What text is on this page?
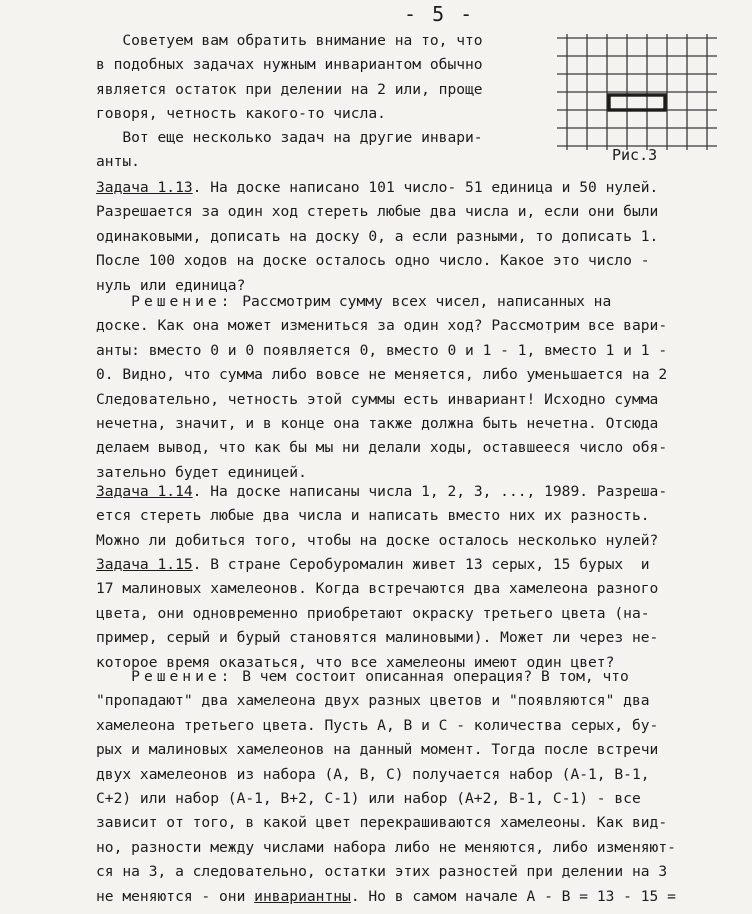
- 5 -
Советуем вам обратить внимание на то, что
в подобных задачах нужным инвариантом обычно
является остаток при делении на 2 или, проще
говоря, четность какого-то числа.
Вот еще несколько задач на другие инвари-
анты.	Рис.3
Задача 1.13. На доске написано 101 число- 51 единица и 50 нулей.
Разрешается за один ход стереть любые два числа и, если они были
одинаковыми, дописать на доску 0, а если разными, то дописать 1.
После 100 ходов на доске осталось одно число. Какое это число -
нуль или единица?
Решение: Рассмотрим сумму всех чисел, написанных на
доске. Как она может измениться за один ход? Рассмотрим все вари-
анты: вместо 0 и 0 появляется 0, вместо 0 и 1 - 1, вместо 1 и 1 -
0. Видно, что сумма либо вовсе не меняется, либо уменьшается на 2
Следовательно, четность этой суммы есть инвариант! Исходно сумма
нечетна, значит, и в конце она также должна быть нечетна. Отсюда
делаем вывод, что как бы мы ни делали ходы, оставшееся число обя-
зательно будет единицей.
Задача 1.14. На доске написаны числа 1, 2, 3, ..., 1989. Разреша-
ется стереть любые два числа и написать вместо них их разность.
Можно ли добиться того, чтобы на доске осталось несколько нулей?
Задача 1.15. В стране Серобуромалин живет 13 серых, 15 бурых  и
17 малиновых хамелеонов. Когда встречаются два хамелеона разного
цвета, они одновременно приобретают окраску третьего цвета (на-
пример, серый и бурый становятся малиновыми). Может ли через не-
которое время оказаться, что все хамелеоны имеют один цвет?
Решение: В чем состоит описанная операция? В том, что
"пропадают" два хамелеона двух разных цветов и "появляются" два
хамелеона третьего цвета. Пусть А, В и С - количества серых, бу-
рых и малиновых хамелеонов на данный момент. Тогда после встречи
двух хамелеонов из набора (А, В, С) получается набор (А-1, В-1,
С+2) или набор (А-1, В+2, С-1) или набор (А+2, В-1, С-1) - все
зависит от того, в какой цвет перекрашиваются хамелеоны. Как вид-
но, разности между числами набора либо не меняются, либо изменяют-
ся на 3, а следовательно, остатки этих разностей при делении на 3
не меняются - они инвариантны. Но в самом начале А - В = 13 - 15 =
